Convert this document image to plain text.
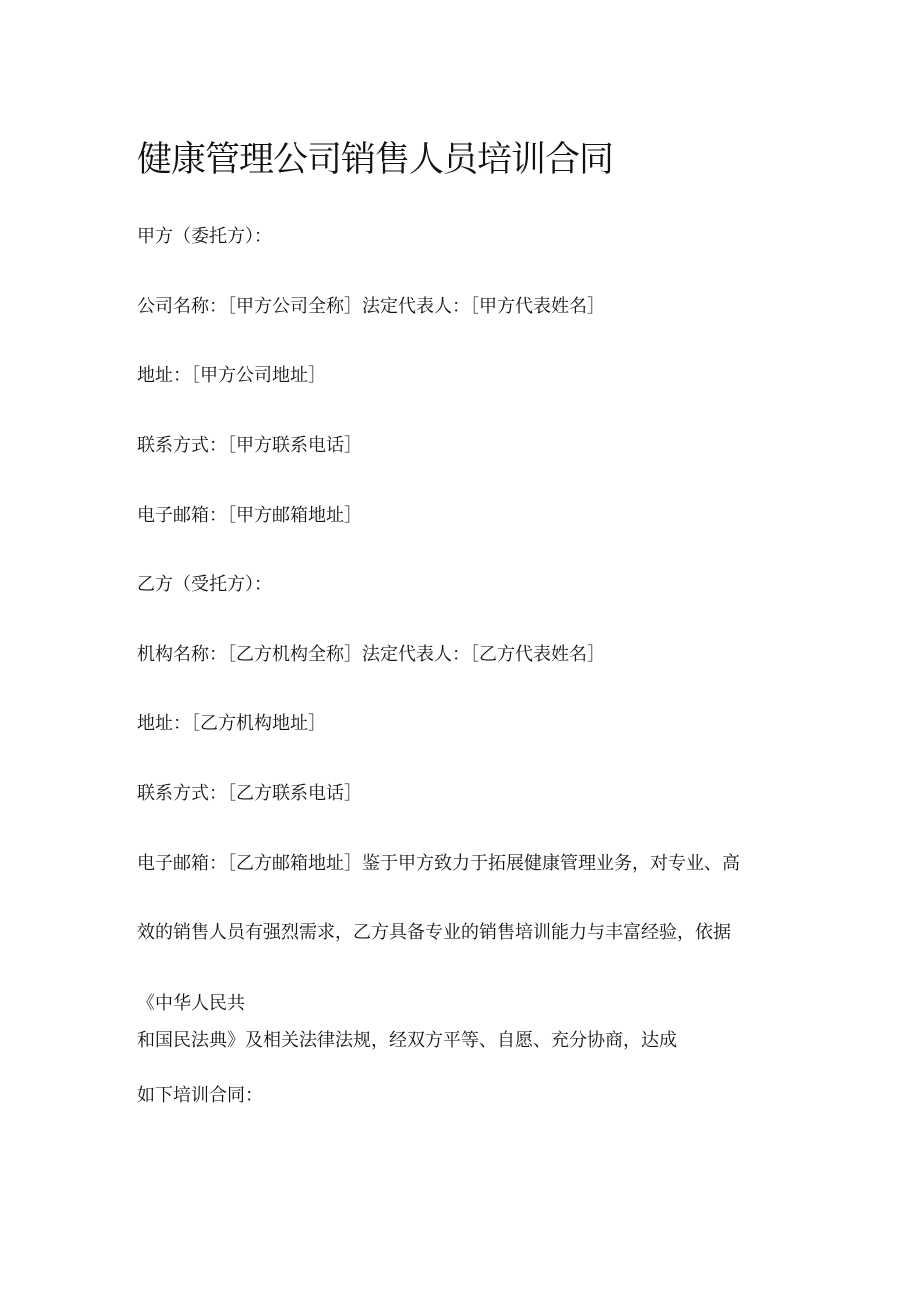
健康管理公司销售人员培训合同

甲方（委托方）：

公司名称：［甲方公司全称］法定代表人：［甲方代表姓名］

地址：［甲方公司地址］

联系方式：［甲方联系电话］

电子邮箱：［甲方邮箱地址］

乙方（受托方）：

机构名称：［乙方机构全称］法定代表人：［乙方代表姓名］

地址：［乙方机构地址］

联系方式：［乙方联系电话］

电子邮箱：［乙方邮箱地址］鉴于甲方致力于拓展健康管理业务，对专业、高

效的销售人员有强烈需求，乙方具备专业的销售培训能力与丰富经验，依据

《中华人民共

和国民法典》及相关法律法规，经双方平等、自愿、充分协商，达成

如下培训合同：
